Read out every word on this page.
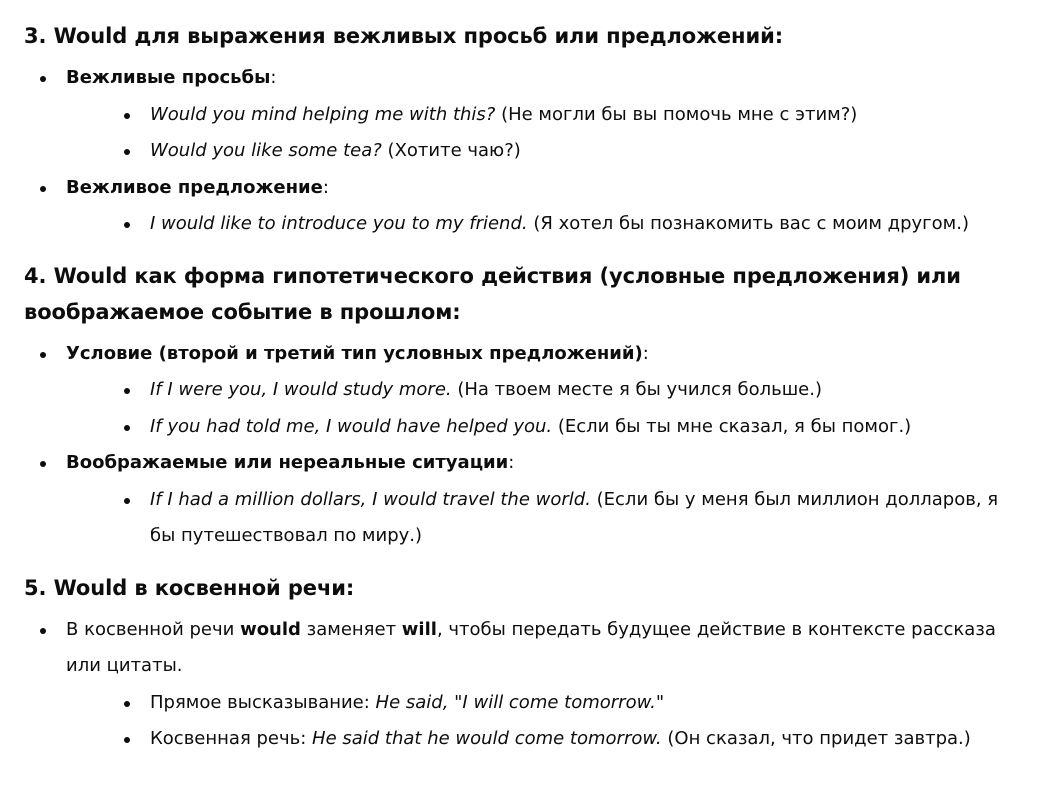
3. Would для выражения вежливых просьб или предложений:
Вежливые просьбы:
Would you mind helping me with this? (Не могли бы вы помочь мне с этим?)
Would you like some tea? (Хотите чаю?)
Вежливое предложение:
I would like to introduce you to my friend. (Я хотел бы познакомить вас с моим другом.)
4. Would как форма гипотетического действия (условные предложения) или воображаемое событие в прошлом:
Условие (второй и третий тип условных предложений):
If I were you, I would study more. (На твоем месте я бы учился больше.)
If you had told me, I would have helped you. (Если бы ты мне сказал, я бы помог.)
Воображаемые или нереальные ситуации:
If I had a million dollars, I would travel the world. (Если бы у меня был миллион долларов, я бы путешествовал по миру.)
5. Would в косвенной речи:
В косвенной речи would заменяет will, чтобы передать будущее действие в контексте рассказа или цитаты.
Прямое высказывание: He said, "I will come tomorrow."
Косвенная речь: He said that he would come tomorrow. (Он сказал, что придет завтра.)
